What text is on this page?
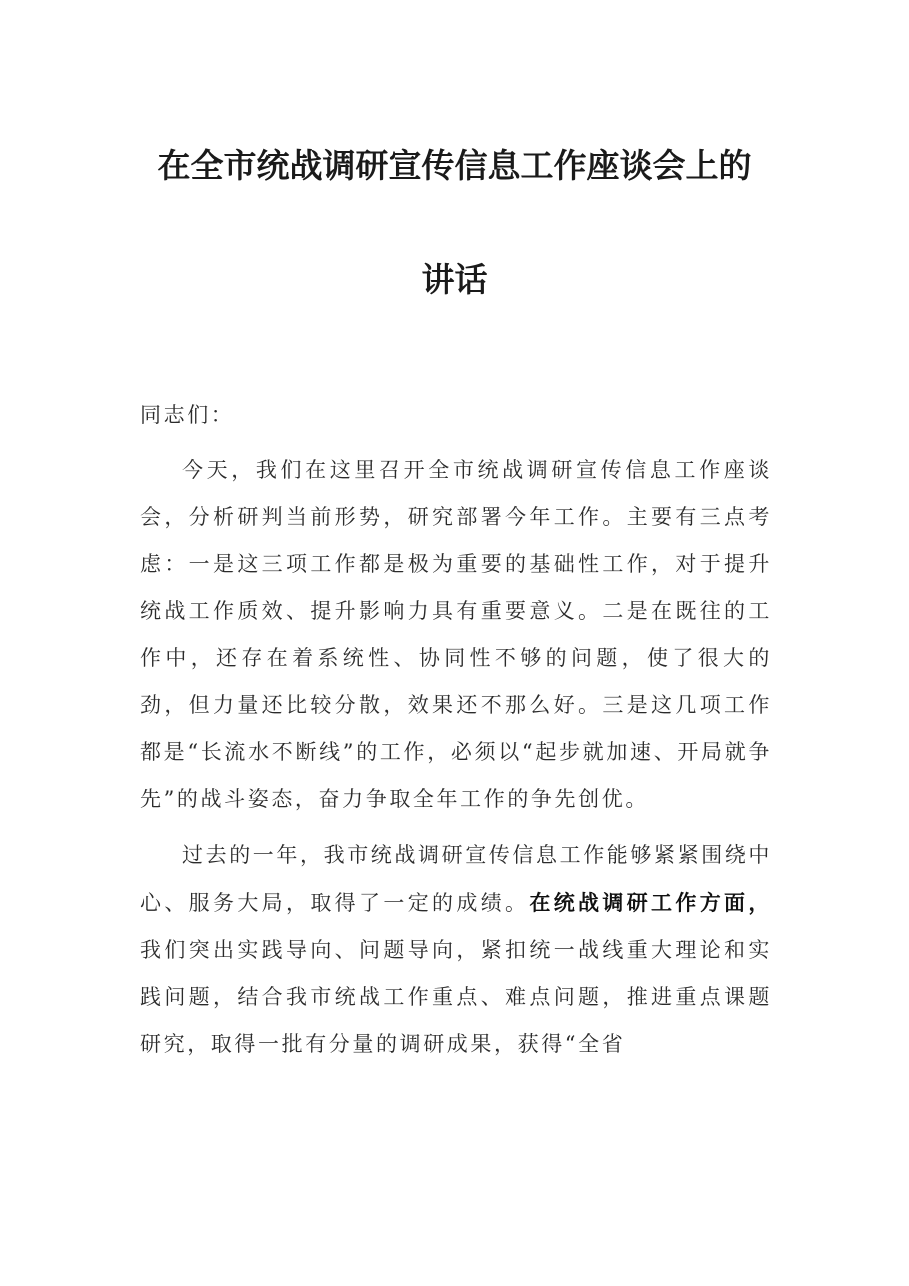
在全市统战调研宣传信息工作座谈会上的
讲话

同志们：

今天，我们在这里召开全市统战调研宣传信息工作座谈会，分析研判当前形势，研究部署今年工作。主要有三点考虑：一是这三项工作都是极为重要的基础性工作，对于提升统战工作质效、提升影响力具有重要意义。二是在既往的工作中，还存在着系统性、协同性不够的问题，使了很大的劲，但力量还比较分散，效果还不那么好。三是这几项工作都是“长流水不断线”的工作，必须以“起步就加速、开局就争先”的战斗姿态，奋力争取全年工作的争先创优。

过去的一年，我市统战调研宣传信息工作能够紧紧围绕中心、服务大局，取得了一定的成绩。在统战调研工作方面，我们突出实践导向、问题导向，紧扣统一战线重大理论和实践问题，结合我市统战工作重点、难点问题，推进重点课题研究，取得一批有分量的调研成果，获得“全省
